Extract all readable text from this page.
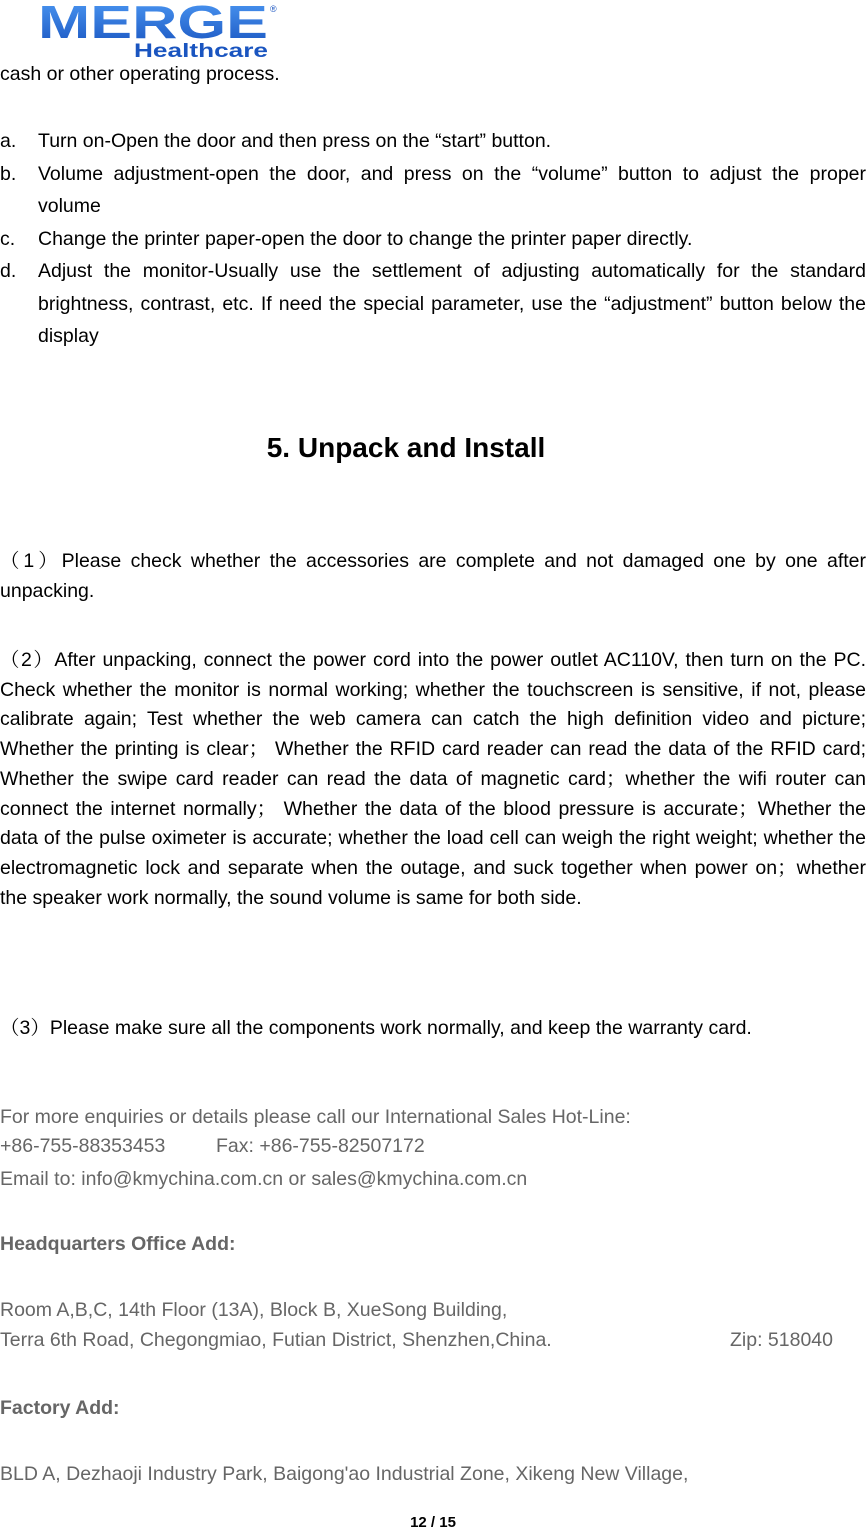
MERGE ®
Healthcare
cash or other operating process.
a. Turn on-Open the door and then press on the “start” button.
b. Volume adjustment-open the door, and press on the “volume” button to adjust the proper volume
c. Change the printer paper-open the door to change the printer paper directly.
d. Adjust the monitor-Usually use the settlement of adjusting automatically for the standard brightness, contrast, etc. If need the special parameter, use the “adjustment” button below the display
5. Unpack and Install
（1）Please check whether the accessories are complete and not damaged one by one after unpacking.
（2）After unpacking, connect the power cord into the power outlet AC110V, then turn on the PC. Check whether the monitor is normal working; whether the touchscreen is sensitive, if not, please calibrate again; Test whether the web camera can catch the high definition video and picture; Whether the printing is clear； Whether the RFID card reader can read the data of the RFID card; Whether the swipe card reader can read the data of magnetic card；whether the wifi router can connect the internet normally； Whether the data of the blood pressure is accurate；Whether the data of the pulse oximeter is accurate; whether the load cell can weigh the right weight; whether the electromagnetic lock and separate when the outage, and suck together when power on；whether the speaker work normally, the sound volume is same for both side.
（3）Please make sure all the components work normally, and keep the warranty card.
For more enquiries or details please call our International Sales Hot-Line:
+86-755-88353453	Fax: +86-755-82507172
Email to: info@kmychina.com.cn or sales@kmychina.com.cn
Headquarters Office Add:
Room A,B,C, 14th Floor (13A), Block B, XueSong Building,
Terra 6th Road, Chegongmiao, Futian District, Shenzhen,China.	Zip: 518040
Factory Add:
BLD A, Dezhaoji Industry Park, Baigong'ao Industrial Zone, Xikeng New Village,
12 / 15
